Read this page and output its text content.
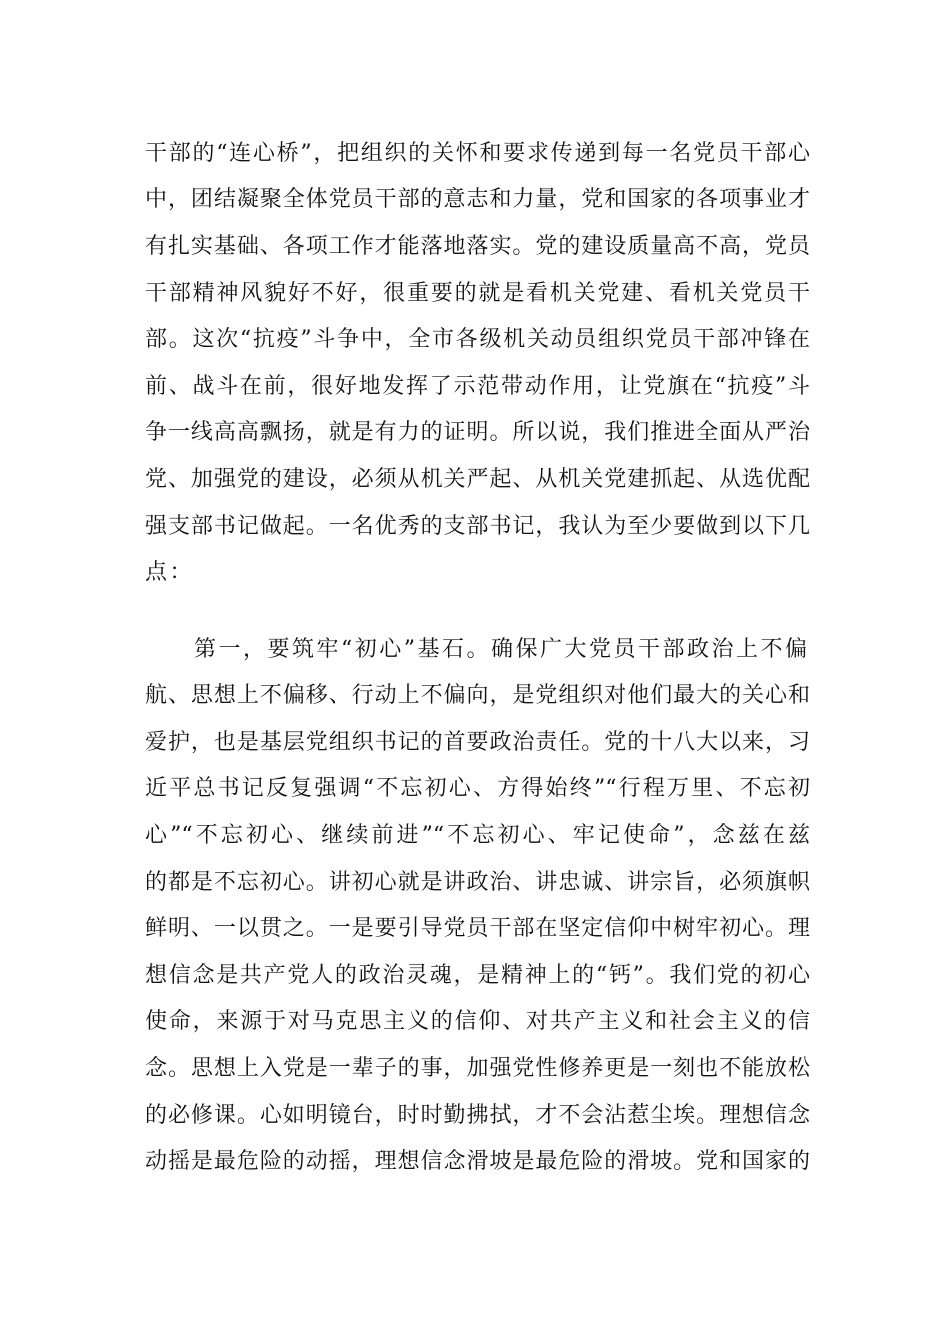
干部的“连心桥”，把组织的关怀和要求传递到每一名党员干部心
中，团结凝聚全体党员干部的意志和力量，党和国家的各项事业才
有扎实基础、各项工作才能落地落实。党的建设质量高不高，党员
干部精神风貌好不好，很重要的就是看机关党建、看机关党员干
部。这次“抗疫”斗争中，全市各级机关动员组织党员干部冲锋在
前、战斗在前，很好地发挥了示范带动作用，让党旗在“抗疫”斗
争一线高高飘扬，就是有力的证明。所以说，我们推进全面从严治
党、加强党的建设，必须从机关严起、从机关党建抓起、从选优配
强支部书记做起。一名优秀的支部书记，我认为至少要做到以下几
点：
第一，要筑牢“初心”基石。确保广大党员干部政治上不偏
航、思想上不偏移、行动上不偏向，是党组织对他们最大的关心和
爱护，也是基层党组织书记的首要政治责任。党的十八大以来，习
近平总书记反复强调“不忘初心、方得始终”“行程万里、不忘初
心”“不忘初心、继续前进”“不忘初心、牢记使命”，念兹在兹
的都是不忘初心。讲初心就是讲政治、讲忠诚、讲宗旨，必须旗帜
鲜明、一以贯之。一是要引导党员干部在坚定信仰中树牢初心。理
想信念是共产党人的政治灵魂，是精神上的“钙”。我们党的初心
使命，来源于对马克思主义的信仰、对共产主义和社会主义的信
念。思想上入党是一辈子的事，加强党性修养更是一刻也不能放松
的必修课。心如明镜台，时时勤拂拭，才不会沾惹尘埃。理想信念
动摇是最危险的动摇，理想信念滑坡是最危险的滑坡。党和国家的
